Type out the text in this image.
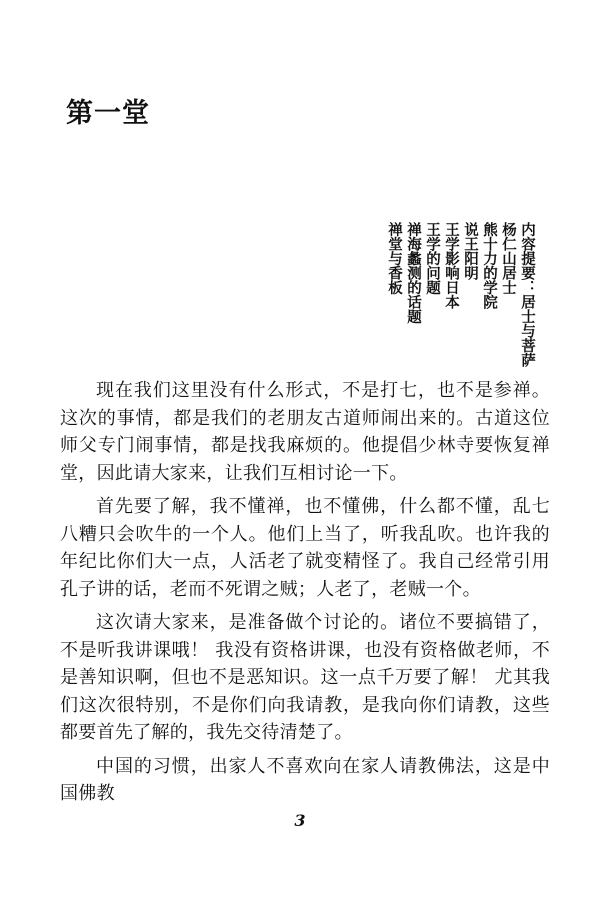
第一堂
内容提要：居士与菩萨
杨仁山居士
熊十力的学院
说王阳明
王学影响日本
王学的问题
禅海蠡测的话题
禅堂与香板

现在我们这里没有什么形式，不是打七，也不是参禅。这次的事情，都是我们的老朋友古道师闹出来的。古道这位师父专门闹事情，都是找我麻烦的。他提倡少林寺要恢复禅堂，因此请大家来，让我们互相讨论一下。

首先要了解，我不懂禅，也不懂佛，什么都不懂，乱七八糟只会吹牛的一个人。他们上当了，听我乱吹。也许我的年纪比你们大一点，人活老了就变精怪了。我自己经常引用孔子讲的话，老而不死谓之贼；人老了，老贼一个。

这次请大家来，是准备做个讨论的。诸位不要搞错了，不是听我讲课哦！ 我没有资格讲课，也没有资格做老师，不是善知识啊，但也不是恶知识。这一点千万要了解！ 尤其我们这次很特别，不是你们向我请教，是我向你们请教，这些都要首先了解的，我先交待清楚了。

中国的习惯，出家人不喜欢向在家人请教佛法，这是中国佛教

3
